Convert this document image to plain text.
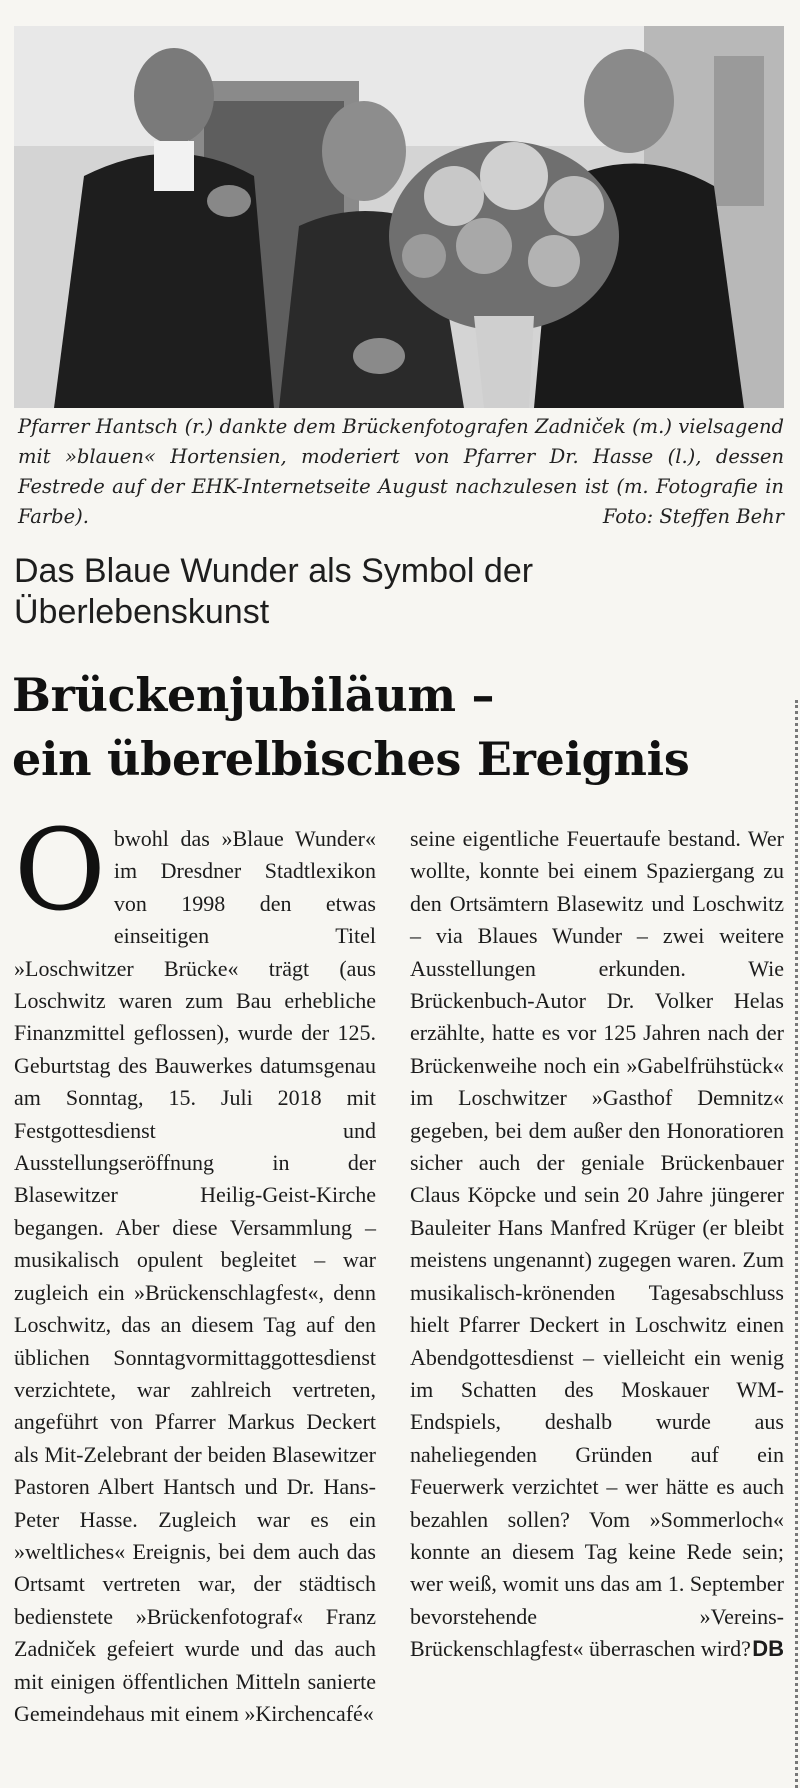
Pfarrer Hantsch (r.) dankte dem Brückenfotografen Zadniček (m.) vielsagend mit »blauen« Hortensien, moderiert von Pfarrer Dr. Hasse (l.), dessen Festrede auf der EHK-Internetseite August nachzulesen ist (m. Fotografie in Farbe).	Foto: Steffen Behr
Das Blaue Wunder als Symbol der Überlebenskunst
Brückenjubiläum –
ein überelbisches Ereignis
O bwohl das »Blaue Wunder« im Dresdner Stadtlexikon von 1998 den etwas einseitigen Titel »Loschwitzer Brücke« trägt (aus Loschwitz waren zum Bau erhebliche Finanzmittel geflossen), wurde der 125. Geburtstag des Bauwerkes datumsgenau am Sonntag, 15. Juli 2018 mit Festgottesdienst und Ausstellungseröffnung in der Blasewitzer Heilig-Geist-Kirche begangen. Aber diese Versammlung – musikalisch opulent begleitet – war zugleich ein »Brückenschlagfest«, denn Loschwitz, das an diesem Tag auf den üblichen Sonntagvormittaggottesdienst verzichtete, war zahlreich vertreten, angeführt von Pfarrer Markus Deckert als Mit-Zelebrant der beiden Blasewitzer Pastoren Albert Hantsch und Dr. Hans-Peter Hasse. Zugleich war es ein »weltliches« Ereignis, bei dem auch das Ortsamt vertreten war, der städtisch bedienstete »Brückenfotograf« Franz Zadniček gefeiert wurde und das auch mit einigen öffentlichen Mitteln sanierte Gemeindehaus mit einem »Kirchencafé«
seine eigentliche Feuertaufe bestand. Wer wollte, konnte bei einem Spaziergang zu den Ortsämtern Blasewitz und Loschwitz – via Blaues Wunder – zwei weitere Ausstellungen erkunden. Wie Brückenbuch-Autor Dr. Volker Helas erzählte, hatte es vor 125 Jahren nach der Brückenweihe noch ein »Gabelfrühstück« im Loschwitzer »Gasthof Demnitz« gegeben, bei dem außer den Honoratioren sicher auch der geniale Brückenbauer Claus Köpcke und sein 20 Jahre jüngerer Bauleiter Hans Manfred Krüger (er bleibt meistens ungenannt) zugegen waren. Zum musikalisch-krönenden Tagesabschluss hielt Pfarrer Deckert in Loschwitz einen Abendgottesdienst – vielleicht ein wenig im Schatten des Moskauer WM-Endspiels, deshalb wurde aus naheliegenden Gründen auf ein Feuerwerk verzichtet – wer hätte es auch bezahlen sollen? Vom »Sommerloch« konnte an diesem Tag keine Rede sein; wer weiß, womit uns das am 1. September bevorstehende »Vereins-Brückenschlagfest« überraschen wird? DB
